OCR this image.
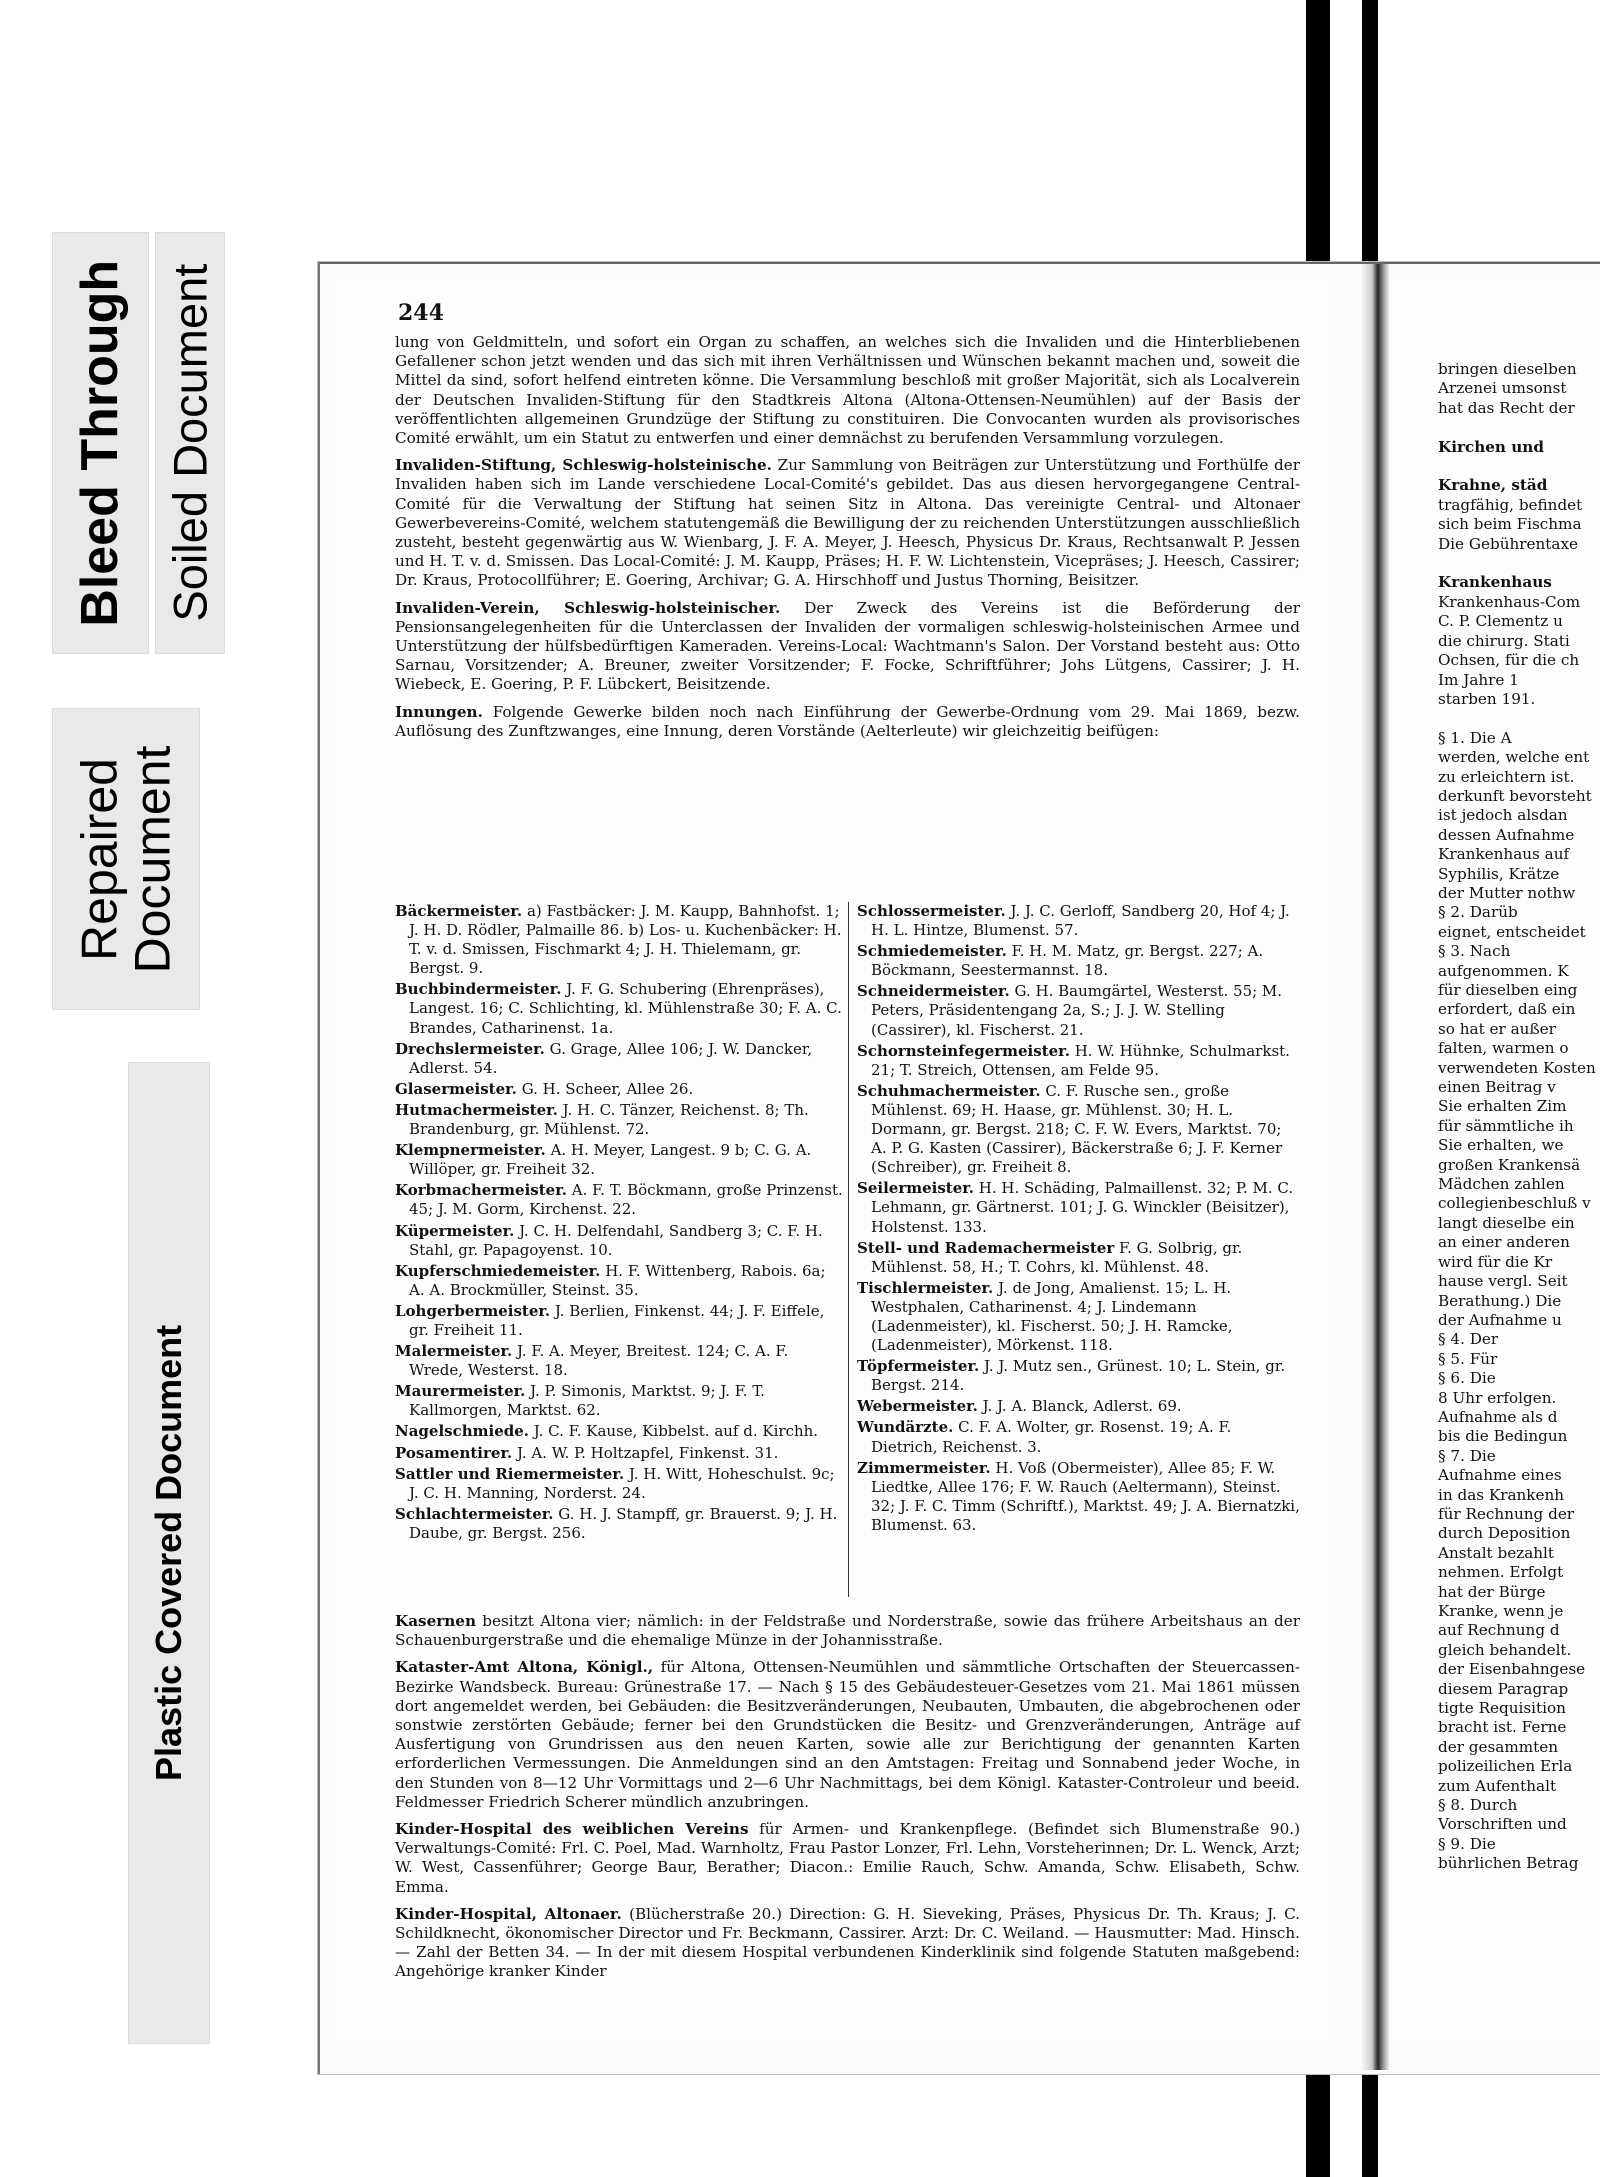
Bleed Through Soiled Document
Repaired
Document
Plastic Covered Document
244

lung von Geldmitteln, und sofort ein Organ zu schaffen, an welches sich die Invaliden und die Hinterbliebenen Gefallener schon jetzt wenden und das sich mit ihren Verhältnissen und Wünschen bekannt machen und, soweit die Mittel da sind, sofort helfend eintreten könne. Die Versammlung beschloß mit großer Majorität, sich als Localverein der Deutschen Invaliden-Stiftung für den Stadtkreis Altona (Altona-Ottensen-Neumühlen) auf der Basis der veröffentlichten allgemeinen Grundzüge der Stiftung zu constituiren. Die Convocanten wurden als provisorisches Comité erwählt, um ein Statut zu entwerfen und einer demnächst zu berufenden Versammlung vorzulegen.

Invaliden-Stiftung, Schleswig-holsteinische. Zur Sammlung von Beiträgen zur Unterstützung und Forthülfe der Invaliden haben sich im Lande verschiedene Local-Comité's gebildet. Das aus diesen hervorgegangene Central-Comité für die Verwaltung der Stiftung hat seinen Sitz in Altona. Das vereinigte Central- und Altonaer Gewerbevereins-Comité, welchem statutengemäß die Bewilligung der zu reichenden Unterstützungen ausschließlich zusteht, besteht gegenwärtig aus W. Wienbarg, J. F. A. Meyer, J. Heesch, Physicus Dr. Kraus, Rechtsanwalt P. Jessen und H. T. v. d. Smissen. Das Local-Comité: J. M. Kaupp, Präses; H. F. W. Lichtenstein, Vicepräses; J. Heesch, Cassirer; Dr. Kraus, Protocollführer; E. Goering, Archivar; G. A. Hirschhoff und Justus Thorning, Beisitzer.

Invaliden-Verein, Schleswig-holsteinischer. Der Zweck des Vereins ist die Beförderung der Pensionsangelegenheiten für die Unterclassen der Invaliden der vormaligen schleswig-holsteinischen Armee und Unterstützung der hülfsbedürftigen Kameraden. Vereins-Local: Wachtmann's Salon. Der Vorstand besteht aus: Otto Sarnau, Vorsitzender; A. Breuner, zweiter Vorsitzender; F. Focke, Schriftführer; Johs Lütgens, Cassirer; J. H. Wiebeck, E. Goering, P. F. Lübckert, Beisitzende.

Innungen. Folgende Gewerke bilden noch nach Einführung der Gewerbe-Ordnung vom 29. Mai 1869, bezw. Auflösung des Zunftzwanges, eine Innung, deren Vorstände (Aelterleute) wir gleichzeitig beifügen:

Bäckermeister. a) Fastbäcker: J. M. Kaupp, Bahnhofst. 1; J. H. D. Rödler, Palmaille 86. b) Los- u. Kuchenbäcker: H. T. v. d. Smissen, Fischmarkt 4; J. H. Thielemann, gr. Bergst. 9.

Buchbindermeister. J. F. G. Schubering (Ehrenpräses), Langest. 16; C. Schlichting, kl. Mühlenstraße 30; F. A. C. Brandes, Catharinenst. 1a.

Drechslermeister. G. Grage, Allee 106; J. W. Dancker, Adlerst. 54.

Glasermeister. G. H. Scheer, Allee 26.

Hutmachermeister. J. H. C. Tänzer, Reichenst. 8; Th. Brandenburg, gr. Mühlenst. 72.

Klempnermeister. A. H. Meyer, Langest. 9 b; C. G. A. Willöper, gr. Freiheit 32.

Korbmachermeister. A. F. T. Böckmann, große Prinzenst. 45; J. M. Gorm, Kirchenst. 22.

Küpermeister. J. C. H. Delfendahl, Sandberg 3; C. F. H. Stahl, gr. Papagoyenst. 10.

Kupferschmiedemeister. H. F. Wittenberg, Rabois. 6a; A. A. Brockmüller, Steinst. 35.

Lohgerbermeister. J. Berlien, Finkenst. 44; J. F. Eiffele, gr. Freiheit 11.

Malermeister. J. F. A. Meyer, Breitest. 124; C. A. F. Wrede, Westerst. 18.

Maurermeister. J. P. Simonis, Marktst. 9; J. F. T. Kallmorgen, Marktst. 62.

Nagelschmiede. J. C. F. Kause, Kibbelst. auf d. Kirchh.

Posamentirer. J. A. W. P. Holtzapfel, Finkenst. 31.

Sattler und Riemermeister. J. H. Witt, Hoheschulst. 9c; J. C. H. Manning, Norderst. 24.

Schlachtermeister. G. H. J. Stampff, gr. Brauerst. 9; J. H. Daube, gr. Bergst. 256.

Schlossermeister. J. J. C. Gerloff, Sandberg 20, Hof 4; J. H. L. Hintze, Blumenst. 57.

Schmiedemeister. F. H. M. Matz, gr. Bergst. 227; A. Böckmann, Seestermannst. 18.

Schneidermeister. G. H. Baumgärtel, Westerst. 55; M. Peters, Präsidentengang 2a, S.; J. J. W. Stelling (Cassirer), kl. Fischerst. 21.

Schornsteinfegermeister. H. W. Hühnke, Schulmarkst. 21; T. Streich, Ottensen, am Felde 95.

Schuhmachermeister. C. F. Rusche sen., große Mühlenst. 69; H. Haase, gr. Mühlenst. 30; H. L. Dormann, gr. Bergst. 218; C. F. W. Evers, Marktst. 70; A. P. G. Kasten (Cassirer), Bäckerstraße 6; J. F. Kerner (Schreiber), gr. Freiheit 8.

Seilermeister. H. H. Schäding, Palmaillenst. 32; P. M. C. Lehmann, gr. Gärtnerst. 101; J. G. Winckler (Beisitzer), Holstenst. 133.

Stell- und Rademachermeister F. G. Solbrig, gr. Mühlenst. 58, H.; T. Cohrs, kl. Mühlenst. 48.

Tischlermeister. J. de Jong, Amalienst. 15; L. H. Westphalen, Catharinenst. 4; J. Lindemann (Ladenmeister), kl. Fischerst. 50; J. H. Ramcke, (Ladenmeister), Mörkenst. 118.

Töpfermeister. J. J. Mutz sen., Grünest. 10; L. Stein, gr. Bergst. 214.

Webermeister. J. J. A. Blanck, Adlerst. 69.

Wundärzte. C. F. A. Wolter, gr. Rosenst. 19; A. F. Dietrich, Reichenst. 3.

Zimmermeister. H. Voß (Obermeister), Allee 85; F. W. Liedtke, Allee 176; F. W. Rauch (Aeltermann), Steinst. 32; J. F. C. Timm (Schriftf.), Marktst. 49; J. A. Biernatzki, Blumenst. 63.

Kasernen besitzt Altona vier; nämlich: in der Feldstraße und Norderstraße, sowie das frühere Arbeitshaus an der Schauenburgerstraße und die ehemalige Münze in der Johannisstraße.

Kataster-Amt Altona, Königl., für Altona, Ottensen-Neumühlen und sämmtliche Ortschaften der Steuercassen-Bezirke Wandsbeck. Bureau: Grünestraße 17. — Nach § 15 des Gebäudesteuer-Gesetzes vom 21. Mai 1861 müssen dort angemeldet werden, bei Gebäuden: die Besitzveränderungen, Neubauten, Umbauten, die abgebrochenen oder sonstwie zerstörten Gebäude; ferner bei den Grundstücken die Besitz- und Grenzveränderungen, Anträge auf Ausfertigung von Grundrissen aus den neuen Karten, sowie alle zur Berichtigung der genannten Karten erforderlichen Vermessungen. Die Anmeldungen sind an den Amtstagen: Freitag und Sonnabend jeder Woche, in den Stunden von 8—12 Uhr Vormittags und 2—6 Uhr Nachmittags, bei dem Königl. Kataster-Controleur und beeid. Feldmesser Friedrich Scherer mündlich anzubringen.

Kinder-Hospital des weiblichen Vereins für Armen- und Krankenpflege. (Befindet sich Blumenstraße 90.) Verwaltungs-Comité: Frl. C. Poel, Mad. Warnholtz, Frau Pastor Lonzer, Frl. Lehn, Vorsteherinnen; Dr. L. Wenck, Arzt; W. West, Cassenführer; George Baur, Berather; Diacon.: Emilie Rauch, Schw. Amanda, Schw. Elisabeth, Schw. Emma.

Kinder-Hospital, Altonaer. (Blücherstraße 20.) Direction: G. H. Sieveking, Präses, Physicus Dr. Th. Kraus; J. C. Schildknecht, ökonomischer Director und Fr. Beckmann, Cassirer. Arzt: Dr. C. Weiland. — Hausmutter: Mad. Hinsch. — Zahl der Betten 34. — In der mit diesem Hospital verbundenen Kinderklinik sind folgende Statuten maßgebend: Angehörige kranker Kinder

bringen dieselben

Arzenei umsonst

hat das Recht der

Kirchen und

Krahne, städ

tragfähig, befindet

sich beim Fischma

Die Gebührentaxe

Krankenhaus

Krankenhaus-Com

C. P. Clementz u

die chirurg. Stati

Ochsen, für die ch

Im Jahre 1

starben 191.

§ 1. Die A

werden, welche ent

zu erleichtern ist.

derkunft bevorsteht

ist jedoch alsdan

dessen Aufnahme

Krankenhaus auf

Syphilis, Krätze

der Mutter nothw

§ 2. Darüb

eignet, entscheidet

§ 3. Nach

aufgenommen. K

für dieselben eing

erfordert, daß ein

so hat er außer

falten, warmen o

verwendeten Kosten

einen Beitrag v

Sie erhalten Zim

für sämmtliche ih

Sie erhalten, we

großen Krankensä

Mädchen zahlen

collegienbeschluß v

langt dieselbe ein

an einer anderen

wird für die Kr

hause vergl. Seit

Berathung.) Die

der Aufnahme u

§ 4. Der

§ 5. Für

§ 6. Die

8 Uhr erfolgen.

Aufnahme als d

bis die Bedingun

§ 7. Die

Aufnahme eines

in das Krankenh

für Rechnung der

durch Deposition

Anstalt bezahlt

nehmen. Erfolgt

hat der Bürge

Kranke, wenn je

auf Rechnung d

gleich behandelt.

der Eisenbahngese

diesem Paragrap

tigte Requisition

bracht ist. Ferne

der gesammten

polizeilichen Erla

zum Aufenthalt

§ 8. Durch

Vorschriften und

§ 9. Die

bührlichen Betrag
